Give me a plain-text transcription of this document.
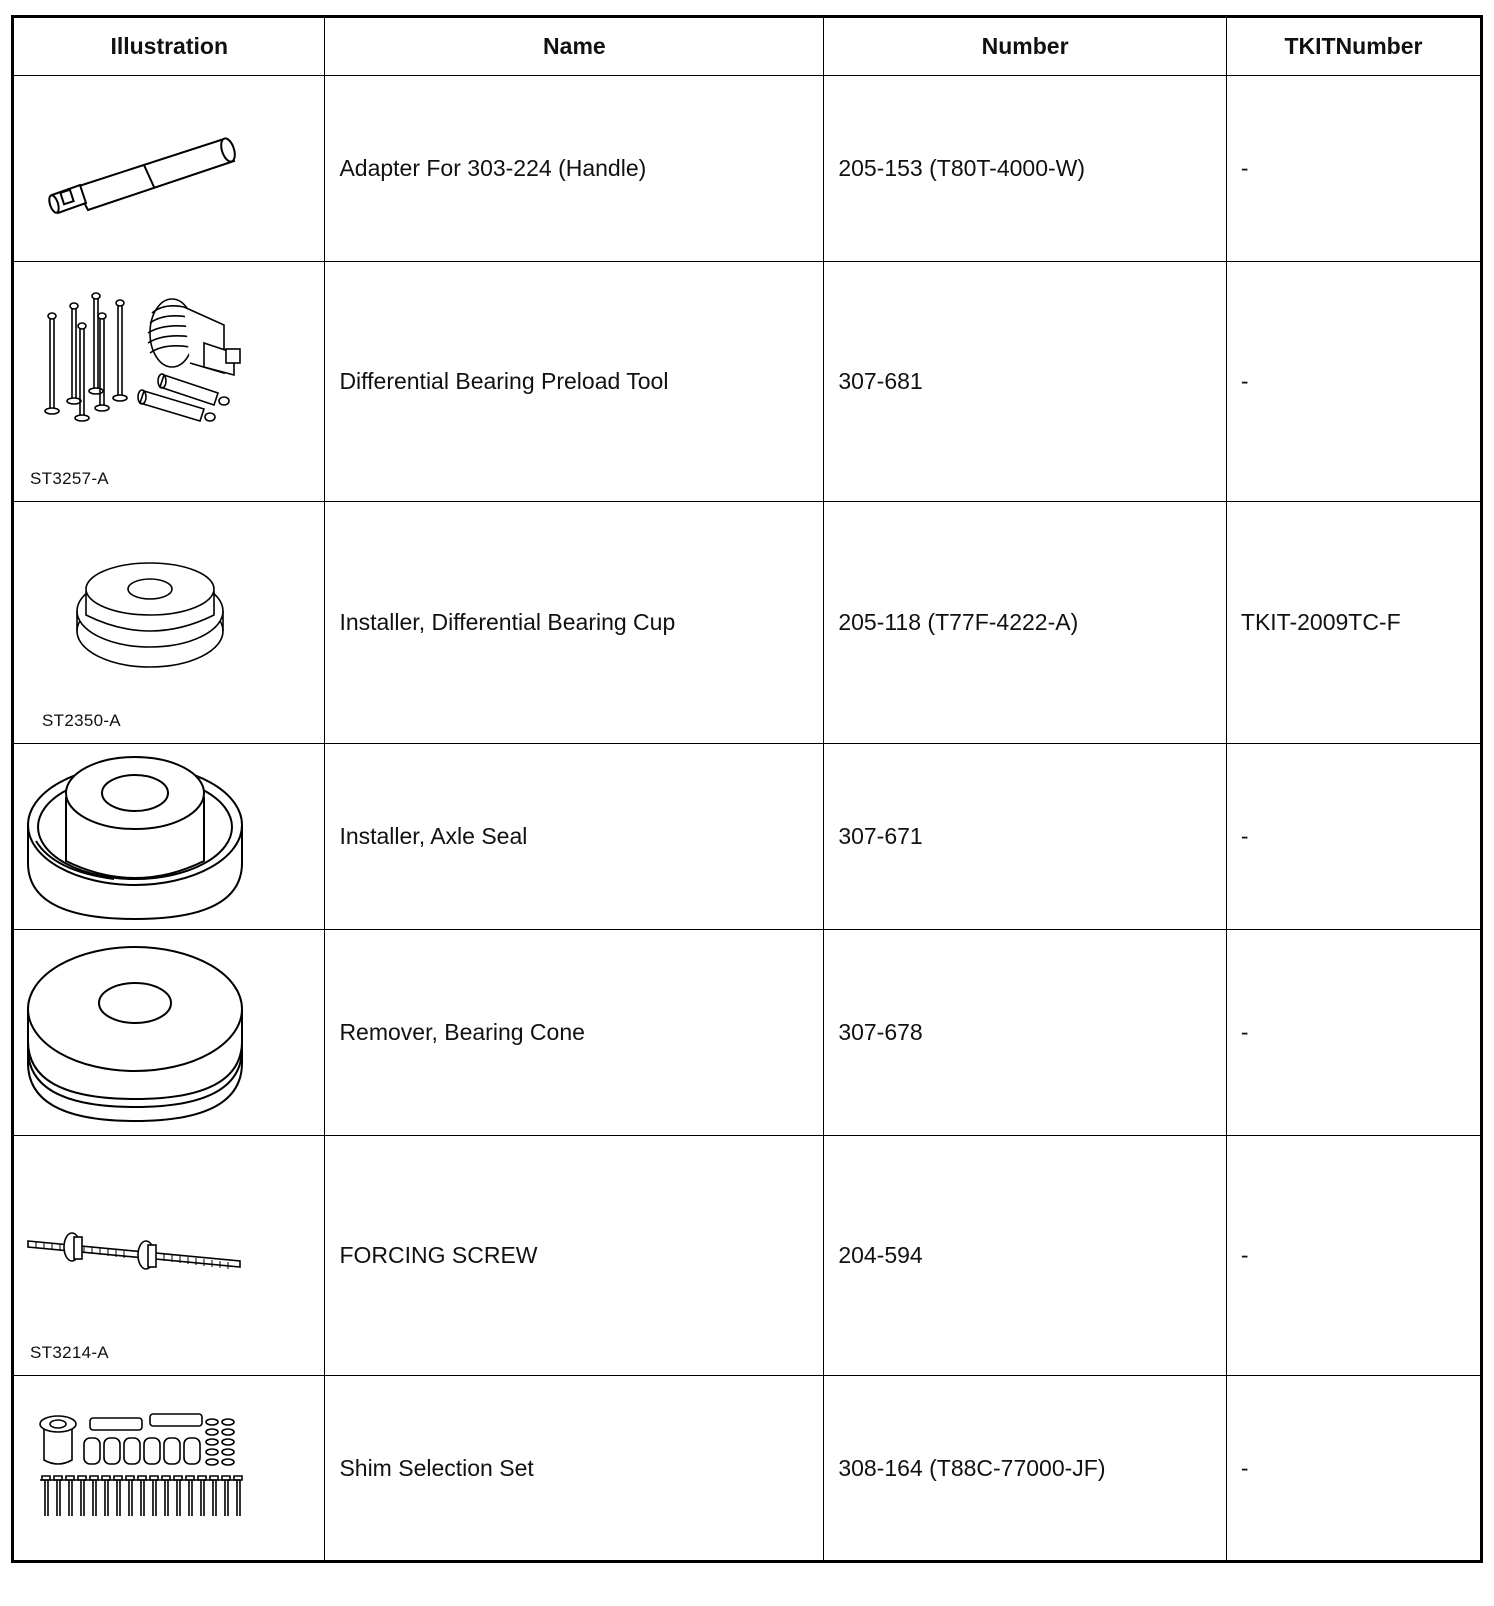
Illustration	Name	Number	TKITNumber

	Adapter For 303-224 (Handle)	205-153 (T80T-4000-W)	-

ST3257-A	Differential Bearing Preload Tool	307-681	-

ST2350-A	Installer, Differential Bearing Cup	205-118 (T77F-4222-A)	TKIT-2009TC-F

	Installer, Axle Seal	307-671	-

	Remover, Bearing Cone	307-678	-

ST3214-A	FORCING SCREW	204-594	-

	Shim Selection Set	308-164 (T88C-77000-JF)	-
